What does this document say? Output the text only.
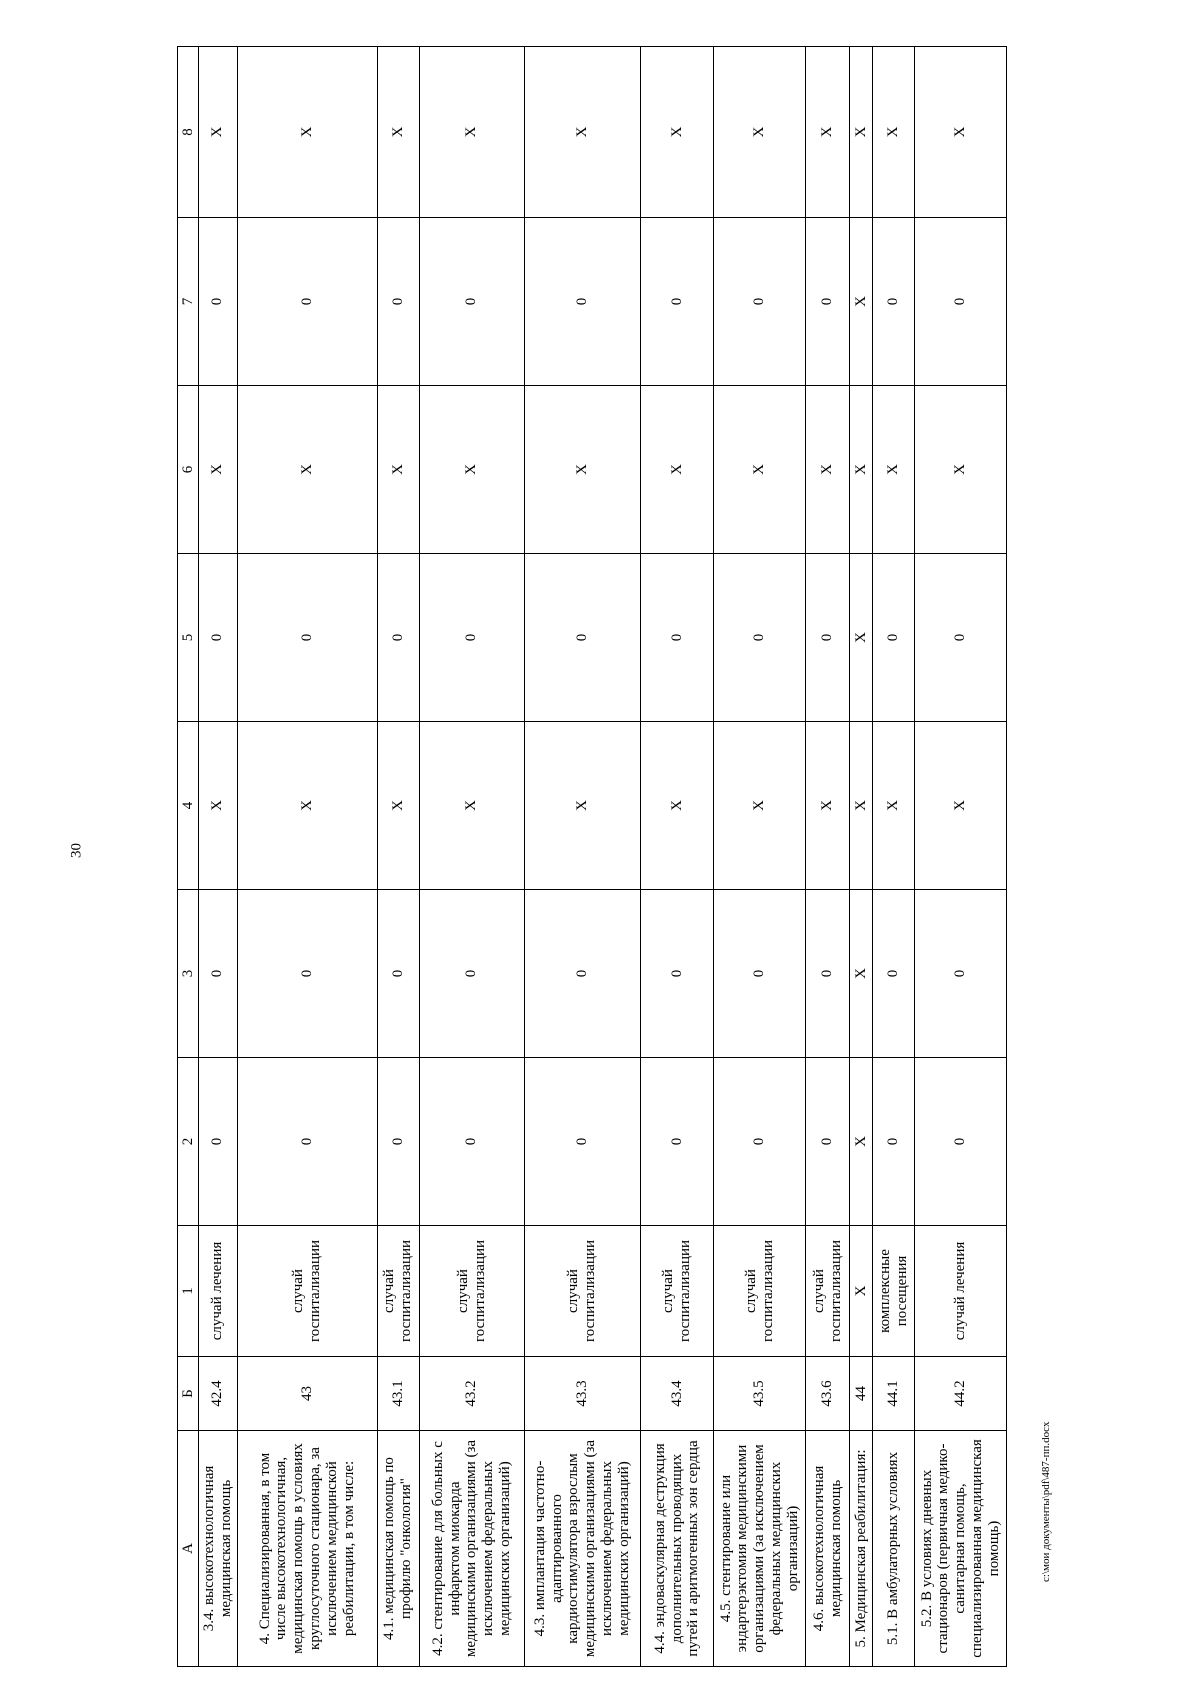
30
А	Б	1	2	3	4	5	6	7	8
3.4. высокотехнологичная медицинская помощь	42.4	случай лечения	0	0	X	0	X	0	X
4. Специализированная, в том числе высокотехнологичная, медицинская помощь в условиях круглосуточного стационара, за исключением медицинской реабилитации, в том числе:	43	случай госпитализации	0	0	X	0	X	0	X
4.1. медицинская помощь по профилю "онкология"	43.1	случай госпитализации	0	0	X	0	X	0	X
4.2. стентирование для больных с инфарктом миокарда медицинскими организациями (за исключением федеральных медицинских организаций)	43.2	случай госпитализации	0	0	X	0	X	0	X
4.3. имплантация частотно-адаптированного кардиостимулятора взрослым медицинскими организациями (за исключением федеральных медицинских организаций)	43.3	случай госпитализации	0	0	X	0	X	0	X
4.4. эндоваскулярная деструкция дополнительных проводящих путей и аритмогенных зон сердца	43.4	случай госпитализации	0	0	X	0	X	0	X
4.5. стентирование или эндартерэктомия медицинскими организациями (за исключением федеральных медицинских организаций)	43.5	случай госпитализации	0	0	X	0	X	0	X
4.6. высокотехнологичная медицинская помощь	43.6	случай госпитализации	0	0	X	0	X	0	X
5. Медицинская реабилитация:	44	X	X	X	X	X	X	X	X
5.1. В амбулаторных условиях	44.1	комплексные посещения	0	0	X	0	X	0	X
5.2. В условиях дневных стационаров (первичная медико-санитарная помощь, специализированная медицинская помощь)	44.2	случай лечения	0	0	X	0	X	0	X
c:\мои документы\pdf\487-пп.docx
